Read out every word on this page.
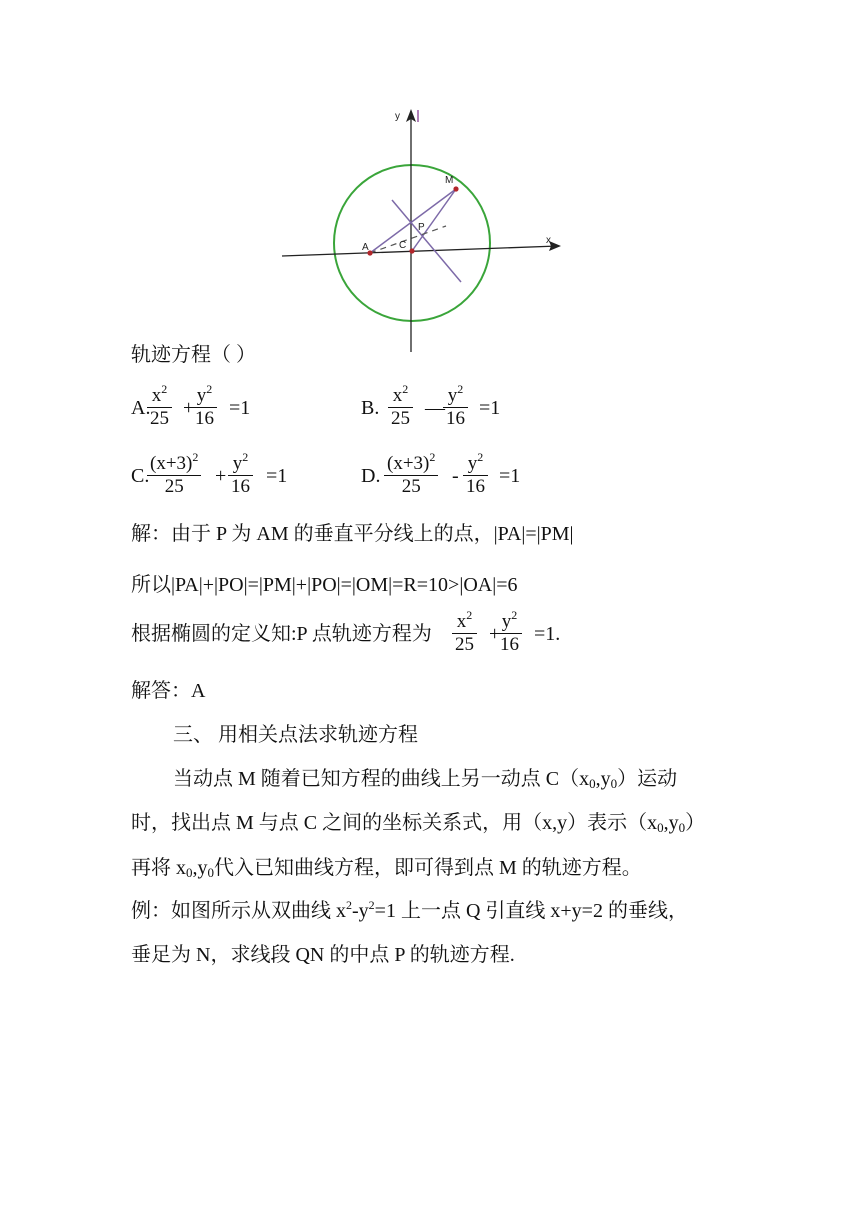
y
x
A	C
P
M
轨迹方程（ ）
A.
$\frac{x^2}{25}$ +
$\frac{y^2}{16} =1$	B. $\frac{x^2}{25}$ —
$\frac{y^2}{16} =1$
C.
$\frac{(x+3)^2}{25} + \frac{y^2}{16} =1$	D. $\frac{(x+3)^2}{25} - \frac{y^2}{16} =1$
解：由于 P 为 AM 的垂直平分线上的点，|PA|=|PM|
所以|PA|+|PO|=|PM|+|PO|=|OM|=R=10>|OA|=6
根据椭圆的定义知:P 点轨迹方程为 $\frac{x^2}{25}$ +
$\frac{y^2}{16} =1$.
解答：A
三、 用相关点法求轨迹方程
当动点 M 随着已知方程的曲线上另一动点 $C(x_0,y_0)$运动
时，找出点 M 与点 C 之间的坐标关系式，用（x,y）表示$(x_0,y_0)$
再将 $x_0,y_0$代入已知曲线方程，即可得到点 M 的轨迹方程。
例：如图所示从双曲线 $x^2-y^2=1$ 上一点 Q 引直线 x+y=2 的垂线，
垂足为 N，求线段 QN 的中点 P 的轨迹方程.
